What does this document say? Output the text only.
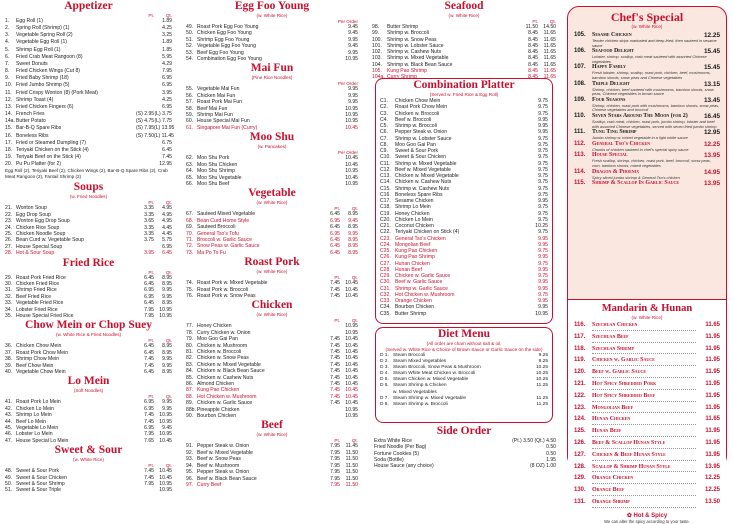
Appetizer
Pt.	Qt.
1.	Egg Roll (1)	1.89
2.	Spring Roll (Shrimp) (1)	4.25
3.	Vegetable Spring Roll (2)	3.25
4.	Vegetable Egg Roll (1)	1.89
5.	Shrimp Egg Roll (1)	1.85
6.	Fried Crab Meat Rangoon (8)	5.95
7.	Sweet Donuts	4.29
8.	Fried Chicken Wings (Cut 8)	7.95
9.	Fried Baby Shrimp (18)	6.95
10. Fried Jumbo Shrimp (5)	6.95
11. Fried Crispy Wonton (8) (Pork Meat)	3.95
12. Shrimp Toast (4)	4.25
13. Fried Chicken Fingers (6)	6.95
14. French Fries	(S) 2.95 (L) 3.75
14a. Butter Potato	(S) 4.75 (L) 7.75
15. Bar-B-Q Spare Ribs	(S) 7.95 (L) 13.95
16. Boneless Ribs	(S) 7.50 (L) 11.45
17. Fried or Steamed Dumpling (7)	6.75
18. Teriyaki Chicken on the Stick (4)	6.45
19. Teriyaki Beef on the Stick (4)	7.45
20. Pu Pu Platter (for 2)	12.95
Egg Roll (2), Teriyaki Beef (2), Chicken Wings (2), Bar-B-Q Spare Ribs (2), Crab Meat Rangoon (2), Fantail Shrimp (2)
Soups
(w. Fried Noodles)
Pt.	Qt.
21. Wonton Soup	3.35	4.95
22. Egg Drop Soup	3.35	4.95
23. Wonton Egg Drop Soup	3.65	4.95
24. Chicken Rice Soup	3.35	4.45
25. Chicken Noodle Soup	3.35	4.45
26. Bean Curd w. Vegetable Soup	3.75	5.75
27. House Special Soup	6.95
28. Hot & Sour Soup	3.95	6.45
Fried Rice
Pt.	Qt.
29. Roast Pork Fried Rice	6.45	8.95
30. Chicken Fried Rice	6.45	8.95
31. Shrimp Fried Rice	6.95	9.95
32. Beef Fried Rice	6.95	9.95
33. Vegetable Fried Rice	6.45	8.95
34. Lobster Fried Rice	7.95	10.95
35. House Special Fried Rice	7.95	10.95
Chow Mein or Chop Suey
(w. White Rice & Fried Noodles)
Pt.	Qt.
36. Chicken Chow Mein	6.45	8.95
37. Roast Pork Chow Mein	6.45	8.95
38. Shrimp Chow Mein	7.45	9.95
39. Beef Chow Mein	7.45	9.95
40. Vegetable Chow Mein	6.45	8.95
Lo Mein
(Soft Noodles)
Pt.	Qt.
41. Roast Pork Lo Mein	6.95	9.95
42. Chicken Lo Mein	6.95	9.95
43. Shrimp Lo Mein	7.45	10.95
44. Beef Lo Mein	7.45	10.95
45. Vegetable Lo Mein	6.95	9.45
46. Lobster Lo Mein	7.95	10.95
47. House Special Lo Mein	7.65	10.45
Sweet & Sour
(w. White Rice)
Pt.	Qt.
48. Sweet & Sour Pork	7.45	10.45
49. Sweet & Sour Chicken	7.45	10.45
50. Sweet & Sour Shrimp	7.95	10.95
51. Sweet & Sour Triple	10.95
Egg Foo Young
(w. White Rice)
Per Order
49. Roast Pork Egg Foo Young	9.45
50. Chicken Egg Foo Young	9.45
51. Shrimp Egg Foo Young	9.95
52. Vegetable Egg Foo Young	9.45
53. Beef Egg Foo Young	9.95
54. Combination Egg Foo Young	10.95
Mai Fun
(Pine Rice Noodles)
Per Order
55. Vegetable Mai Fun	9.95
56. Chicken Mai Fun	9.95
57. Roast Pork Mai Fun	9.95
58. Beef Mai Fun	10.95
59. Shrimp Mai Fun	10.95
60. House Special Mai Fun	10.95
61. Singapore Mai Fun (Curry)	10.45
Moo Shu
(w. Pancakes)
Per Order
62. Moo Shu Pork	10.45
63. Moo Shu Chicken	10.45
64. Moo Shu Shrimp	10.95
65. Moo Shu Vegetable	10.45
66. Moo Shu Beef	10.95
Vegetable
(w. White Rice)
Pt.	Qt.
67. Sauteed Mixed Vegetable	6.45	8.95
68. Bean Curd Home Style	6.95	9.45
69. Sauteed Broccoli	6.45	8.95
70. General Tso's Tofu	6.95	9.95
71. Broccoli w. Garlic Sauce	6.45	8.95
72. Snow Peas w. Garlic Sauce	6.45	8.95
73. Ma Po To Fu	6.45	8.95
Roast Pork
(w. White Rice)
Pt.	Qt.
74. Roast Pork w. Mixed Vegetable	7.45	10.45
75. Roast Pork w. Broccoli	7.45	10.45
76. Roast Pork w. Snow Peas	7.45	10.45
Chicken
(w. White Rice)
Pt.	Qt.
77. Honey Chicken	10.95
78. Curry Chicken w. Onion	10.95
79. Moo Goo Gai Pan	7.45	10.45
80. Chicken w. Mushroom	7.45	10.45
81. Chicken w. Broccoli	7.45	10.45
82. Chicken w. Snow Peas	7.45	10.45
83. Chicken w. Mixed Vegetable	7.45	10.45
84. Chicken w. Black Bean Sauce	7.45	10.45
85. Chicken w. Cashew Nuts	7.45	10.45
86. Almond Chicken	7.45	10.45
87. Kung Pao Chicken	7.45	10.45
88. Hot Chicken w. Mushroom	7.45	10.45
89. Chicken w. Garlic Sauce	7.45	10.45
88b. Pineapple Chicken	10.95
90. Bourbon Chicken	10.95
Beef
(w. White Rice)
Pt.	Qt.
91. Pepper Steak w. Onion	7.95	11.45
92. Beef w. Mixed Vegetable	7.95	11.50
93. Beef w. Snow Peas	7.95	11.50
94. Beef w. Mushroom	7.95	11.50
95. Pepper Steak w. Onion	7.95	11.50
96. Beef w. Black Bean Sauce	7.95	11.50
97. Curry Beef	7.95	11.50
Seafood
(w. White Rice)
Pt.	Qt.
98.	Butter Shrimp	11.50	14.50
99.	Shrimp w. Broccoli	8.45	11.65
100. Shrimp w. Snow Peas	8.45	11.65
101. Shrimp w. Lobster Sauce	8.45	11.65
102. Shrimp w. Cashew Nuts	8.45	11.65
103. Shrimp w. Mixed Vegetable	8.45	11.65
104. Shrimp w. Black Bean Sauce	8.45	11.65
105. Kung Pao Shrimp	8.45	11.65
104a. Curry Shrimp	8.45	11.65
Combination Platter
(Served w. Fried Rice & Egg Roll)
C1.	Chicken Chow Mein	9.75
C2.	Roast Pork Chow Mein	9.75
C3.	Chicken w. Broccoli	9.75
C4.	Beef w. Broccoli	9.95
C5.	Shrimp w. Broccoli	9.95
C6.	Pepper Steak w. Onion	9.95
C7.	Shrimp w. Lobster Sauce	9.75
C8.	Moo Goo Gai Pan	9.75
C9.	Sweet & Sour Pork	9.75
C10. Sweet & Sour Chicken	9.75
C11. Shrimp w. Mixed Vegetable	9.75
C12. Beef w. Mixed Vegetable	9.75
C13. Chicken w. Mixed Vegetable	9.75
C14. Chicken w. Cashew Nuts	9.75
C15. Shrimp w. Cashew Nuts	9.75
C16. Boneless Spare Ribs	9.75
C17. Sesame Chicken	9.95
C18. Shrimp Lo Mein	9.75
C19. Honey Chicken	9.75
C20. Chicken Lo Mein	9.75
C21. Coconut Chicken	10.25
C22. Teriyaki Chicken on Stick (4)	9.75
C23. General Tso's Chicken	9.95
C24. Mongolian Beef	9.95
C25. Kung Pao Chicken	9.75
C26. Kung Pao Shrimp	9.95
C27. Hunan Chicken	9.75
C28. Hunan Beef	9.95
C29. Chicken w. Garlic Sauce	9.75
C30. Beef w. Garlic Sauce	9.95
C31. Shrimp w. Garlic Sauce	9.95
C32. Hot Chicken w. Mushroom	9.75
C33. Orange Chicken	9.95
C34. Bourbon Chicken	9.95
C35. Butter Shrimp	10.95
Diet Menu
(All order are cham without salt & oil,
(Served w. White Rice & Choice of Brown Sauce or Garlic Sauce on the side)
D 1. Steam Broccoli	9.25
D 2. Steam Mixed Vegetables	9.25
D 3. Steam Broccoli, Snow Peas & Mushroom	10.25
D 4. Steam White Meat Chicken w. Broccoli	10.25
D 5. Steam Chicken w. Mixed Vegetable	10.25
D 6. Steam Shrimp & Chicken	11.25
w. Mixed Vegetables
D 7. Steam Shrimp w. Mixed Vegetable	11.25
D 8. Steam Shrimp w. Broccoli	11.25
Side Order
Extra White Rice	(Pt.) 3.50 (Qt.) 4.50
Fried Noodle (Per Bag)	0.50
Fortune Cookies (5)	0.50
Soda (Bottle)	1.95
House Sauce (any choice)	(8 OZ) 1.00
Chef's Special
(w. White Rice)
105.	Sesame Chicken	12.25
Tender chicken strips marinated and deep-fried, then sauteed in sesame sauce
106.	Seafood Delight	15.45
Lobster, shrimp, scallop, crab meat sauteed with assorted Chinese vegetables
107.	Happy Family	15.45
Fresh lobster, shrimp, scallop, roast pork, chicken, beef, mushrooms, bamboo shoots, snow peas and Chinese vegetables
108.	Triple Delight	13.15
Shrimp, chicken, beef sauteed with mushrooms, bamboo shoots, snow peas, Chinese vegetables in brown sauce
109.	Four Seasons	13.45
Shrimp, chicken, roast pork with mushrooms, bamboo shoots, snow peas, Chinese vegetables and broccoli
110.	Seven Stars Around The Moon (for 2)	16.45
Scallop, crab meat, chicken, roast pork, jumbo shrimp, lobster and beef with assorted Chinese vegetables, served with seven fried jumbo shrimp
111.	Tung Ting Shrimp	12.95
Jumbo shrimp w. mixed vegetable in a light white sauce
112.	General Tso's Chicken	12.25
Chunks of chicken sauteed in chef's special spicy sauce
113.	House Special	13.95
Fresh scallop, shrimp, chicken, roast pork, beef, broccoli, snow peas, corn, bamboo shoots, mixed vegetables
114.	Dragon & Phoenix	14.95
Spicy sliced jumbo shrimp & General Tso's chicken
115.	Shrimp & Scallop In Garlic Sauce	13.95
Mandarin & Hunan
(w. White Rice)
116.	Szechuan Chicken	11.65
117.	Szechuan Beef	11.95
118.	Szechuan Shrimp	11.95
119.	Chicken w. Garlic Sauce	11.95
120.	Beef w. Garlic Sauce	11.95
121.	Hot Spicy Shredded Pork	11.95
122.	Hot Spicy Shredded Beef	11.95
123.	Mongolian Beef	11.95
124.	Hunan Chicken	11.65
125.	Hunan Beef	11.95
126.	Beef & Scallop Hunan Style	11.95
127.	Chicken & Beef Hunan Style	11.95
128.	Scallop & Shrimp Hunan Style	13.95
129.	Orange Chicken	12.25
130.	Orange Beef	12.25
131.	Orange Shrimp	13.50
✿ Hot & Spicy
We can alter the spicy according to your taste.
